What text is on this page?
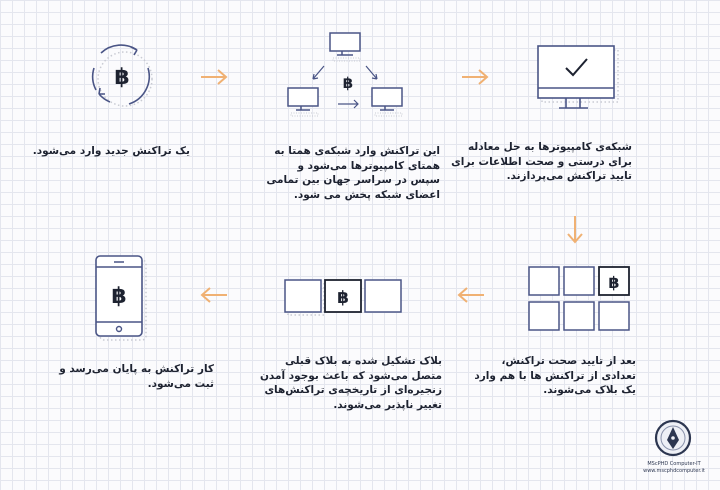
฿	฿
฿
฿
฿
یک تراکنش جدید وارد می‌شود.	این تراکنش وارد شبکه‌ی همتا به
همتای کامپیوترها می‌شود و
سپس در سراسر جهان بین تمامی
اعضای شبکه پخش می شود.
شبکه‌ی کامپیوترها به حل معادله
برای درستی و صحت اطلاعات برای
تایید تراکنش می‌پردازند.
بعد از تایید صحت تراکنش،
تعدادی از تراکنش ها با هم وارد
یک بلاک می‌شوند.
بلاک تشکیل شده به بلاک قبلی
متصل می‌شود که باعث بوجود آمدن
زنجیره‌ای از تاریخچه‌ی تراکنش‌های
تغییر ناپذیر می‌شوند.
کار تراکنش به پایان می‌رسد و
ثبت می‌شود.
MScPHD Computer-IT
www.mscphdcomputer.it
